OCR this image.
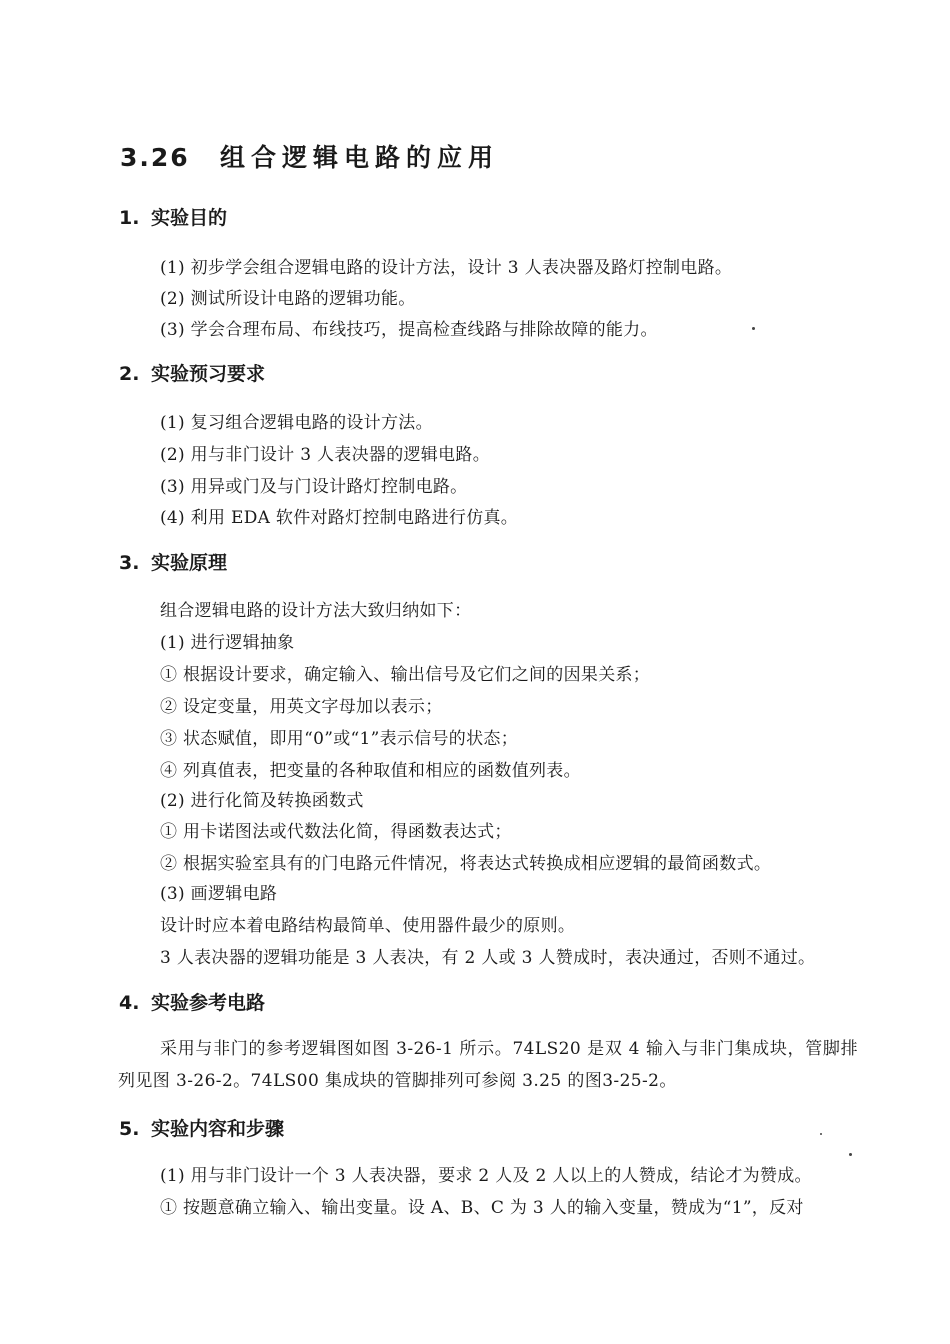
3.26 组合逻辑电路的应用
1. 实验目的
(1) 初步学会组合逻辑电路的设计方法，设计 3 人表决器及路灯控制电路。
(2) 测试所设计电路的逻辑功能。
(3) 学会合理布局、布线技巧，提高检查线路与排除故障的能力。
2. 实验预习要求
(1) 复习组合逻辑电路的设计方法。
(2) 用与非门设计 3 人表决器的逻辑电路。
(3) 用异或门及与门设计路灯控制电路。
(4) 利用 EDA 软件对路灯控制电路进行仿真。
3. 实验原理
组合逻辑电路的设计方法大致归纳如下：
(1) 进行逻辑抽象
① 根据设计要求，确定输入、输出信号及它们之间的因果关系；
② 设定变量，用英文字母加以表示；
③ 状态赋值，即用“0”或“1”表示信号的状态；
④ 列真值表，把变量的各种取值和相应的函数值列表。
(2) 进行化简及转换函数式
① 用卡诺图法或代数法化简，得函数表达式；
② 根据实验室具有的门电路元件情况，将表达式转换成相应逻辑的最简函数式。
(3) 画逻辑电路
设计时应本着电路结构最简单、使用器件最少的原则。
3 人表决器的逻辑功能是 3 人表决，有 2 人或 3 人赞成时，表决通过，否则不通过。
4. 实验参考电路
采用与非门的参考逻辑图如图 3-26-1 所示。74LS20 是双 4 输入与非门集成块，管脚排列见图 3-26-2。74LS00 集成块的管脚排列可参阅 3.25 的图3-25-2。
5. 实验内容和步骤
(1) 用与非门设计一个 3 人表决器，要求 2 人及 2 人以上的人赞成，结论才为赞成。
① 按题意确立输入、输出变量。设 A、B、C 为 3 人的输入变量，赞成为“1”，反对
